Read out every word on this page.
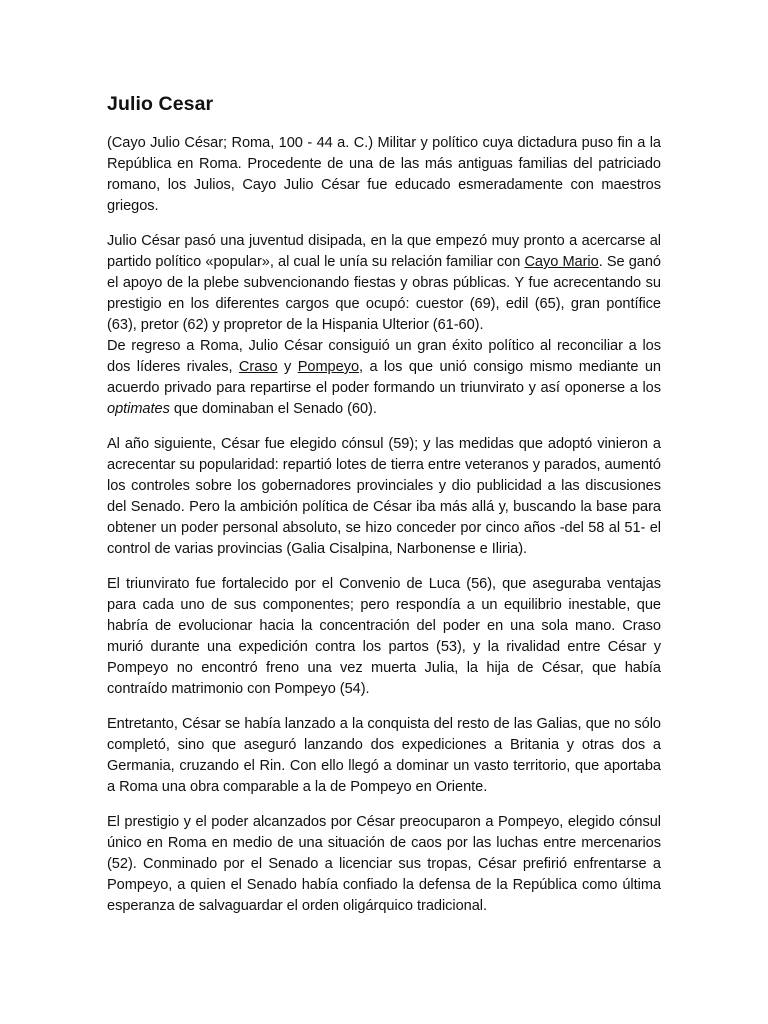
Julio Cesar

(Cayo Julio César; Roma, 100 - 44 a. C.) Militar y político cuya dictadura puso fin a la República en Roma. Procedente de una de las más antiguas familias del patriciado romano, los Julios, Cayo Julio César fue educado esmeradamente con maestros griegos.

Julio César pasó una juventud disipada, en la que empezó muy pronto a acercarse al partido político «popular», al cual le unía su relación familiar con Cayo Mario. Se ganó el apoyo de la plebe subvencionando fiestas y obras públicas. Y fue acrecentando su prestigio en los diferentes cargos que ocupó: cuestor (69), edil (65), gran pontífice (63), pretor (62) y propretor de la Hispania Ulterior (61-60).

De regreso a Roma, Julio César consiguió un gran éxito político al reconciliar a los dos líderes rivales, Craso y Pompeyo, a los que unió consigo mismo mediante un acuerdo privado para repartirse el poder formando un triunvirato y así oponerse a los optimates que dominaban el Senado (60).

Al año siguiente, César fue elegido cónsul (59); y las medidas que adoptó vinieron a acrecentar su popularidad: repartió lotes de tierra entre veteranos y parados, aumentó los controles sobre los gobernadores provinciales y dio publicidad a las discusiones del Senado. Pero la ambición política de César iba más allá y, buscando la base para obtener un poder personal absoluto, se hizo conceder por cinco años -del 58 al 51- el control de varias provincias (Galia Cisalpina, Narbonense e Iliria).

El triunvirato fue fortalecido por el Convenio de Luca (56), que aseguraba ventajas para cada uno de sus componentes; pero respondía a un equilibrio inestable, que habría de evolucionar hacia la concentración del poder en una sola mano. Craso murió durante una expedición contra los partos (53), y la rivalidad entre César y Pompeyo no encontró freno una vez muerta Julia, la hija de César, que había contraído matrimonio con Pompeyo (54).

Entretanto, César se había lanzado a la conquista del resto de las Galias, que no sólo completó, sino que aseguró lanzando dos expediciones a Britania y otras dos a Germania, cruzando el Rin. Con ello llegó a dominar un vasto territorio, que aportaba a Roma una obra comparable a la de Pompeyo en Oriente.

El prestigio y el poder alcanzados por César preocuparon a Pompeyo, elegido cónsul único en Roma en medio de una situación de caos por las luchas entre mercenarios (52). Conminado por el Senado a licenciar sus tropas, César prefirió enfrentarse a Pompeyo, a quien el Senado había confiado la defensa de la República como última esperanza de salvaguardar el orden oligárquico tradicional.
